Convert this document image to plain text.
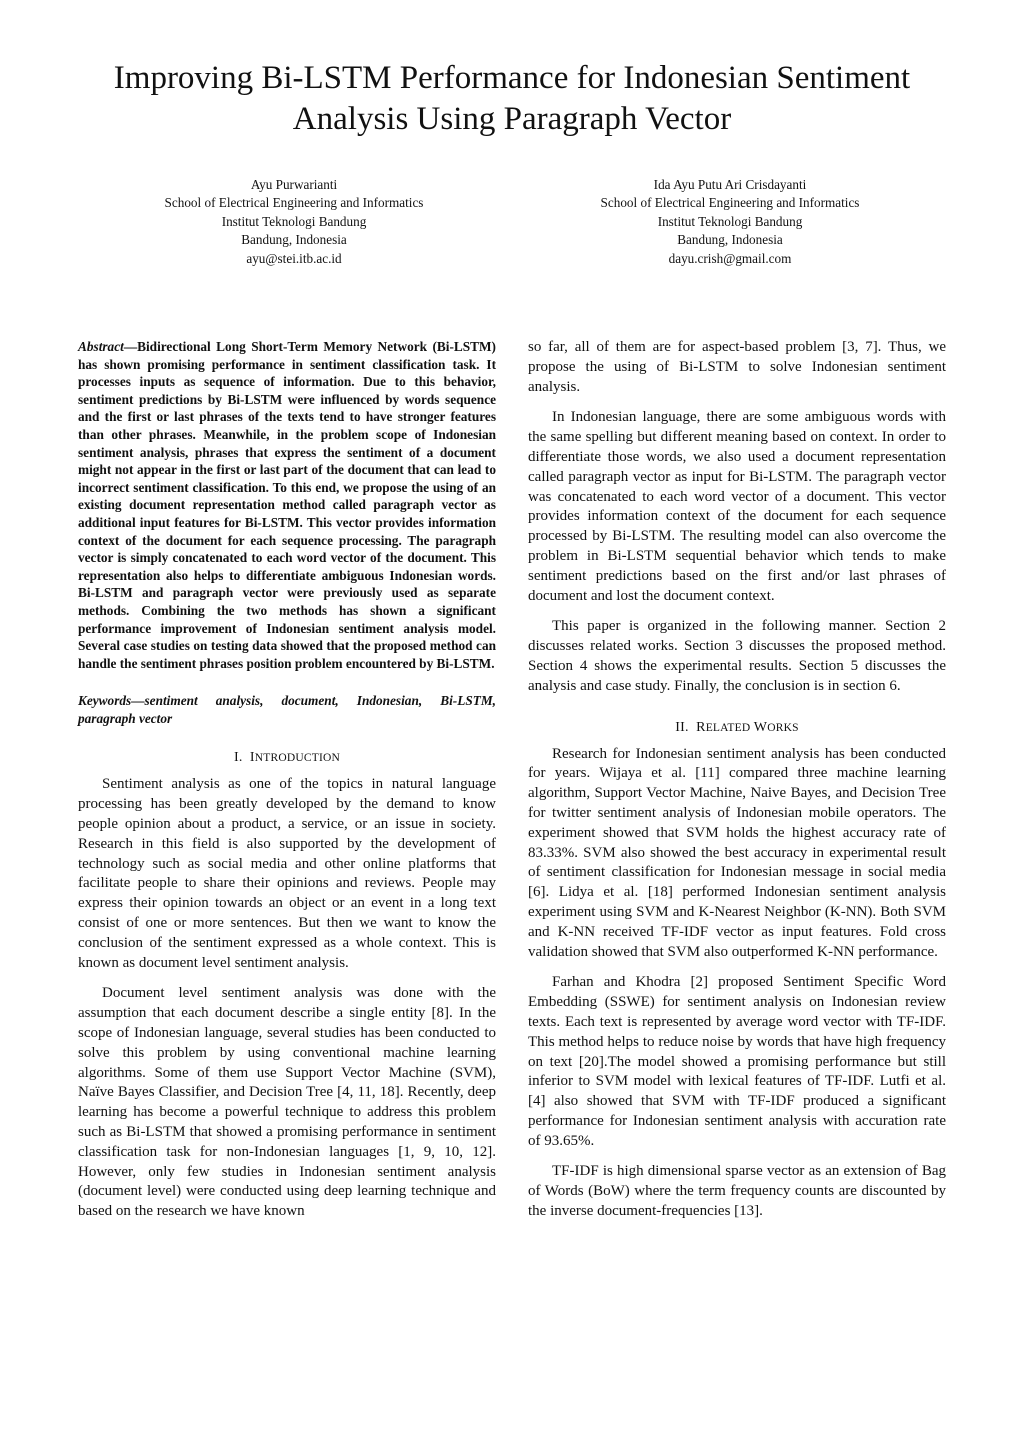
Improving Bi-LSTM Performance for Indonesian Sentiment
Analysis Using Paragraph Vector
Ayu Purwarianti
School of Electrical Engineering and Informatics
Institut Teknologi Bandung
Bandung, Indonesia
ayu@stei.itb.ac.id
Ida Ayu Putu Ari Crisdayanti
School of Electrical Engineering and Informatics
Institut Teknologi Bandung
Bandung, Indonesia
dayu.crish@gmail.com

Abstract—Bidirectional Long Short-Term Memory Network (Bi-LSTM) has shown promising performance in sentiment classification task. It processes inputs as sequence of information. Due to this behavior, sentiment predictions by Bi-LSTM were influenced by words sequence and the first or last phrases of the texts tend to have stronger features than other phrases. Meanwhile, in the problem scope of Indonesian sentiment analysis, phrases that express the sentiment of a document might not appear in the first or last part of the document that can lead to incorrect sentiment classification. To this end, we propose the using of an existing document representation method called paragraph vector as additional input features for Bi-LSTM. This vector provides information context of the document for each sequence processing. The paragraph vector is simply concatenated to each word vector of the document. This representation also helps to differentiate ambiguous Indonesian words. Bi-LSTM and paragraph vector were previously used as separate methods. Combining the two methods has shown a significant performance improvement of Indonesian sentiment analysis model. Several case studies on testing data showed that the proposed method can handle the sentiment phrases position problem encountered by Bi-LSTM.

Keywords—sentiment analysis, document, Indonesian, Bi-LSTM, paragraph vector

I. INTRODUCTION

Sentiment analysis as one of the topics in natural language processing has been greatly developed by the demand to know people opinion about a product, a service, or an issue in society. Research in this field is also supported by the development of technology such as social media and other online platforms that facilitate people to share their opinions and reviews. People may express their opinion towards an object or an event in a long text consist of one or more sentences. But then we want to know the conclusion of the sentiment expressed as a whole context. This is known as document level sentiment analysis.

Document level sentiment analysis was done with the assumption that each document describe a single entity [8]. In the scope of Indonesian language, several studies has been conducted to solve this problem by using conventional machine learning algorithms. Some of them use Support Vector Machine (SVM), Naïve Bayes Classifier, and Decision Tree [4, 11, 18]. Recently, deep learning has become a powerful technique to address this problem such as Bi-LSTM that showed a promising performance in sentiment classification task for non-Indonesian languages [1, 9, 10, 12]. However, only few studies in Indonesian sentiment analysis (document level) were conducted using deep learning technique and based on the research we have known

so far, all of them are for aspect-based problem [3, 7]. Thus, we propose the using of Bi-LSTM to solve Indonesian sentiment analysis.

In Indonesian language, there are some ambiguous words with the same spelling but different meaning based on context. In order to differentiate those words, we also used a document representation called paragraph vector as input for Bi-LSTM. The paragraph vector was concatenated to each word vector of a document. This vector provides information context of the document for each sequence processed by Bi-LSTM. The resulting model can also overcome the problem in Bi-LSTM sequential behavior which tends to make sentiment predictions based on the first and/or last phrases of document and lost the document context.

This paper is organized in the following manner. Section 2 discusses related works. Section 3 discusses the proposed method. Section 4 shows the experimental results. Section 5 discusses the analysis and case study. Finally, the conclusion is in section 6.

II. RELATED WORKS

Research for Indonesian sentiment analysis has been conducted for years. Wijaya et al. [11] compared three machine learning algorithm, Support Vector Machine, Naive Bayes, and Decision Tree for twitter sentiment analysis of Indonesian mobile operators. The experiment showed that SVM holds the highest accuracy rate of 83.33%. SVM also showed the best accuracy in experimental result of sentiment classification for Indonesian message in social media [6]. Lidya et al. [18] performed Indonesian sentiment analysis experiment using SVM and K-Nearest Neighbor (K-NN). Both SVM and K-NN received TF-IDF vector as input features. Fold cross validation showed that SVM also outperformed K-NN performance.

Farhan and Khodra [2] proposed Sentiment Specific Word Embedding (SSWE) for sentiment analysis on Indonesian review texts. Each text is represented by average word vector with TF-IDF. This method helps to reduce noise by words that have high frequency on text [20].The model showed a promising performance but still inferior to SVM model with lexical features of TF-IDF. Lutfi et al. [4] also showed that SVM with TF-IDF produced a significant performance for Indonesian sentiment analysis with accuration rate of 93.65%.

TF-IDF is high dimensional sparse vector as an extension of Bag of Words (BoW) where the term frequency counts are discounted by the inverse document-frequencies [13].
